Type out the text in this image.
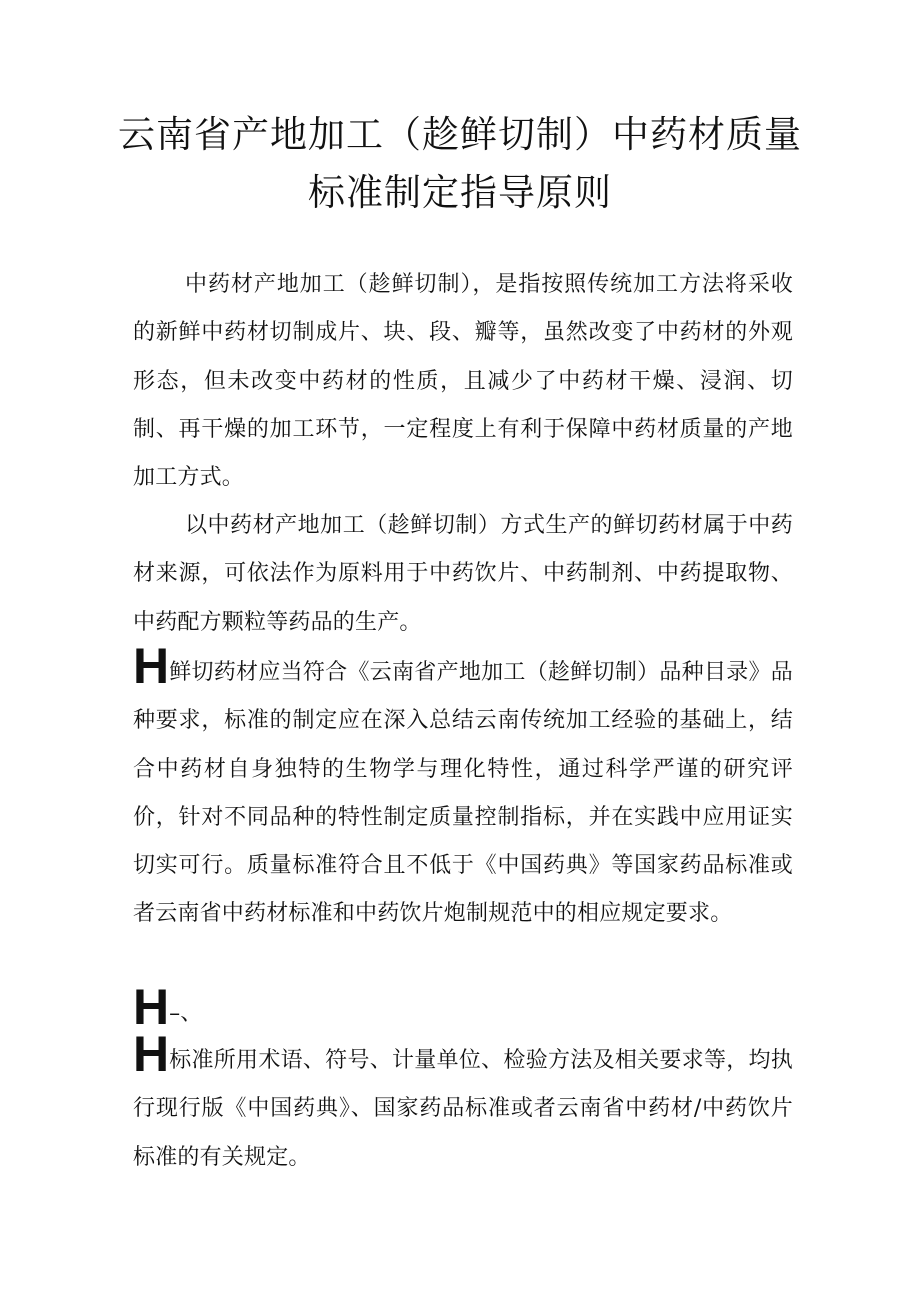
云南省产地加工（趁鲜切制）中药材质量
标准制定指导原则

中药材产地加工（趁鲜切制），是指按照传统加工方法将采收的新鲜中药材切制成片、块、段、瓣等，虽然改变了中药材的外观形态，但未改变中药材的性质，且减少了中药材干燥、浸润、切制、再干燥的加工环节，一定程度上有利于保障中药材质量的产地加工方式。

以中药材产地加工（趁鲜切制）方式生产的鲜切药材属于中药材来源，可依法作为原料用于中药饮片、中药制剂、中药提取物、中药配方颗粒等药品的生产。

H鲜切药材应当符合《云南省产地加工（趁鲜切制）品种目录》品种要求，标准的制定应在深入总结云南传统加工经验的基础上，结合中药材自身独特的生物学与理化特性，通过科学严谨的研究评价，针对不同品种的特性制定质量控制指标，并在实践中应用证实切实可行。质量标准符合且不低于《中国药典》等国家药品标准或者云南省中药材标准和中药饮片炮制规范中的相应规定要求。

H–、

H标准所用术语、符号、计量单位、检验方法及相关要求等，均执行现行版《中国药典》、国家药品标准或者云南省中药材/中药饮片标准的有关规定。
